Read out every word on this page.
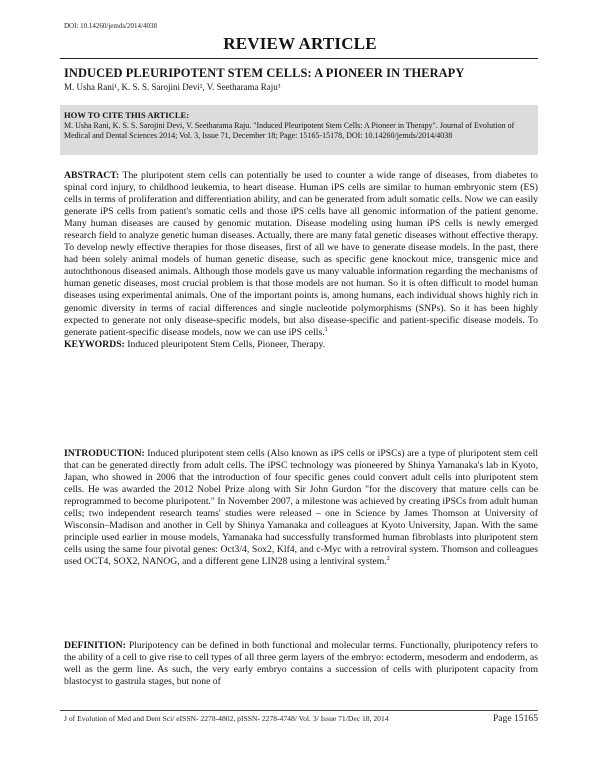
DOI: 10.14260/jemds/2014/4038
REVIEW ARTICLE
INDUCED PLEURIPOTENT STEM CELLS: A PIONEER IN THERAPY
M. Usha Rani¹, K. S. S. Sarojini Devi², V. Seetharama Raju³
HOW TO CITE THIS ARTICLE:
M. Usha Rani, K. S. S. Sarojini Devi, V. Seetharama Raju. "Induced Pleuripotent Stem Cells: A Pioneer in Therapy". Journal of Evolution of Medical and Dental Sciences 2014; Vol. 3, Issue 71, December 18; Page: 15165-15178, DOI: 10.14260/jemds/2014/4038
ABSTRACT: The pluripotent stem cells can potentially be used to counter a wide range of diseases, from diabetes to spinal cord injury, to childhood leukemia, to heart disease. Human iPS cells are similar to human embryonic stem (ES) cells in terms of proliferation and differentiation ability, and can be generated from adult somatic cells. Now we can easily generate iPS cells from patient's somatic cells and those iPS cells have all genomic information of the patient genome. Many human diseases are caused by genomic mutation. Disease modeling using human iPS cells is newly emerged research field to analyze genetic human diseases. Actually, there are many fatal genetic diseases without effective therapy. To develop newly effective therapies for those diseases, first of all we have to generate disease models. In the past, there had been solely animal models of human genetic disease, such as specific gene knockout mice, transgenic mice and autochthonous diseased animals. Although those models gave us many valuable information regarding the mechanisms of human genetic diseases, most crucial problem is that those models are not human. So it is often difficult to model human diseases using experimental animals. One of the important points is, among humans, each individual shows highly rich in genomic diversity in terms of racial differences and single nucleotide polymorphisms (SNPs). So it has been highly expected to generate not only disease-specific models, but also disease-specific and patient-specific disease models. To generate patient-specific disease models, now we can use iPS cells.$^1$
KEYWORDS: Induced pleuripotent Stem Cells, Pioneer, Therapy.
INTRODUCTION: Induced pluripotent stem cells (Also known as iPS cells or iPSCs) are a type of pluripotent stem cell that can be generated directly from adult cells. The iPSC technology was pioneered by Shinya Yamanaka's lab in Kyoto, Japan, who showed in 2006 that the introduction of four specific genes could convert adult cells into pluripotent stem cells. He was awarded the 2012 Nobel Prize along with Sir John Gurdon "for the discovery that mature cells can be reprogrammed to become pluripotent." In November 2007, a milestone was achieved by creating iPSCs from adult human cells; two independent research teams' studies were released – one in Science by James Thomson at University of Wisconsin–Madison and another in Cell by Shinya Yamanaka and colleagues at Kyoto University, Japan. With the same principle used earlier in mouse models, Yamanaka had successfully transformed human fibroblasts into pluripotent stem cells using the same four pivotal genes: Oct3/4, Sox2, Klf4, and c-Myc with a retroviral system. Thomson and colleagues used OCT4, SOX2, NANOG, and a different gene LIN28 using a lentiviral system.$^2$
DEFINITION: Pluripotency can be defined in both functional and molecular terms. Functionally, pluripotency refers to the ability of a cell to give rise to cell types of all three germ layers of the embryo: ectoderm, mesoderm and endoderm, as well as the germ line. As such, the very early embryo contains a succession of cells with pluripotent capacity from blastocyst to gastrula stages, but none of
J of Evolution of Med and Dent Sci/ eISSN- 2278-4802, pISSN- 2278-4748/ Vol. 3/ Issue 71/Dec 18, 2014	Page 15165
